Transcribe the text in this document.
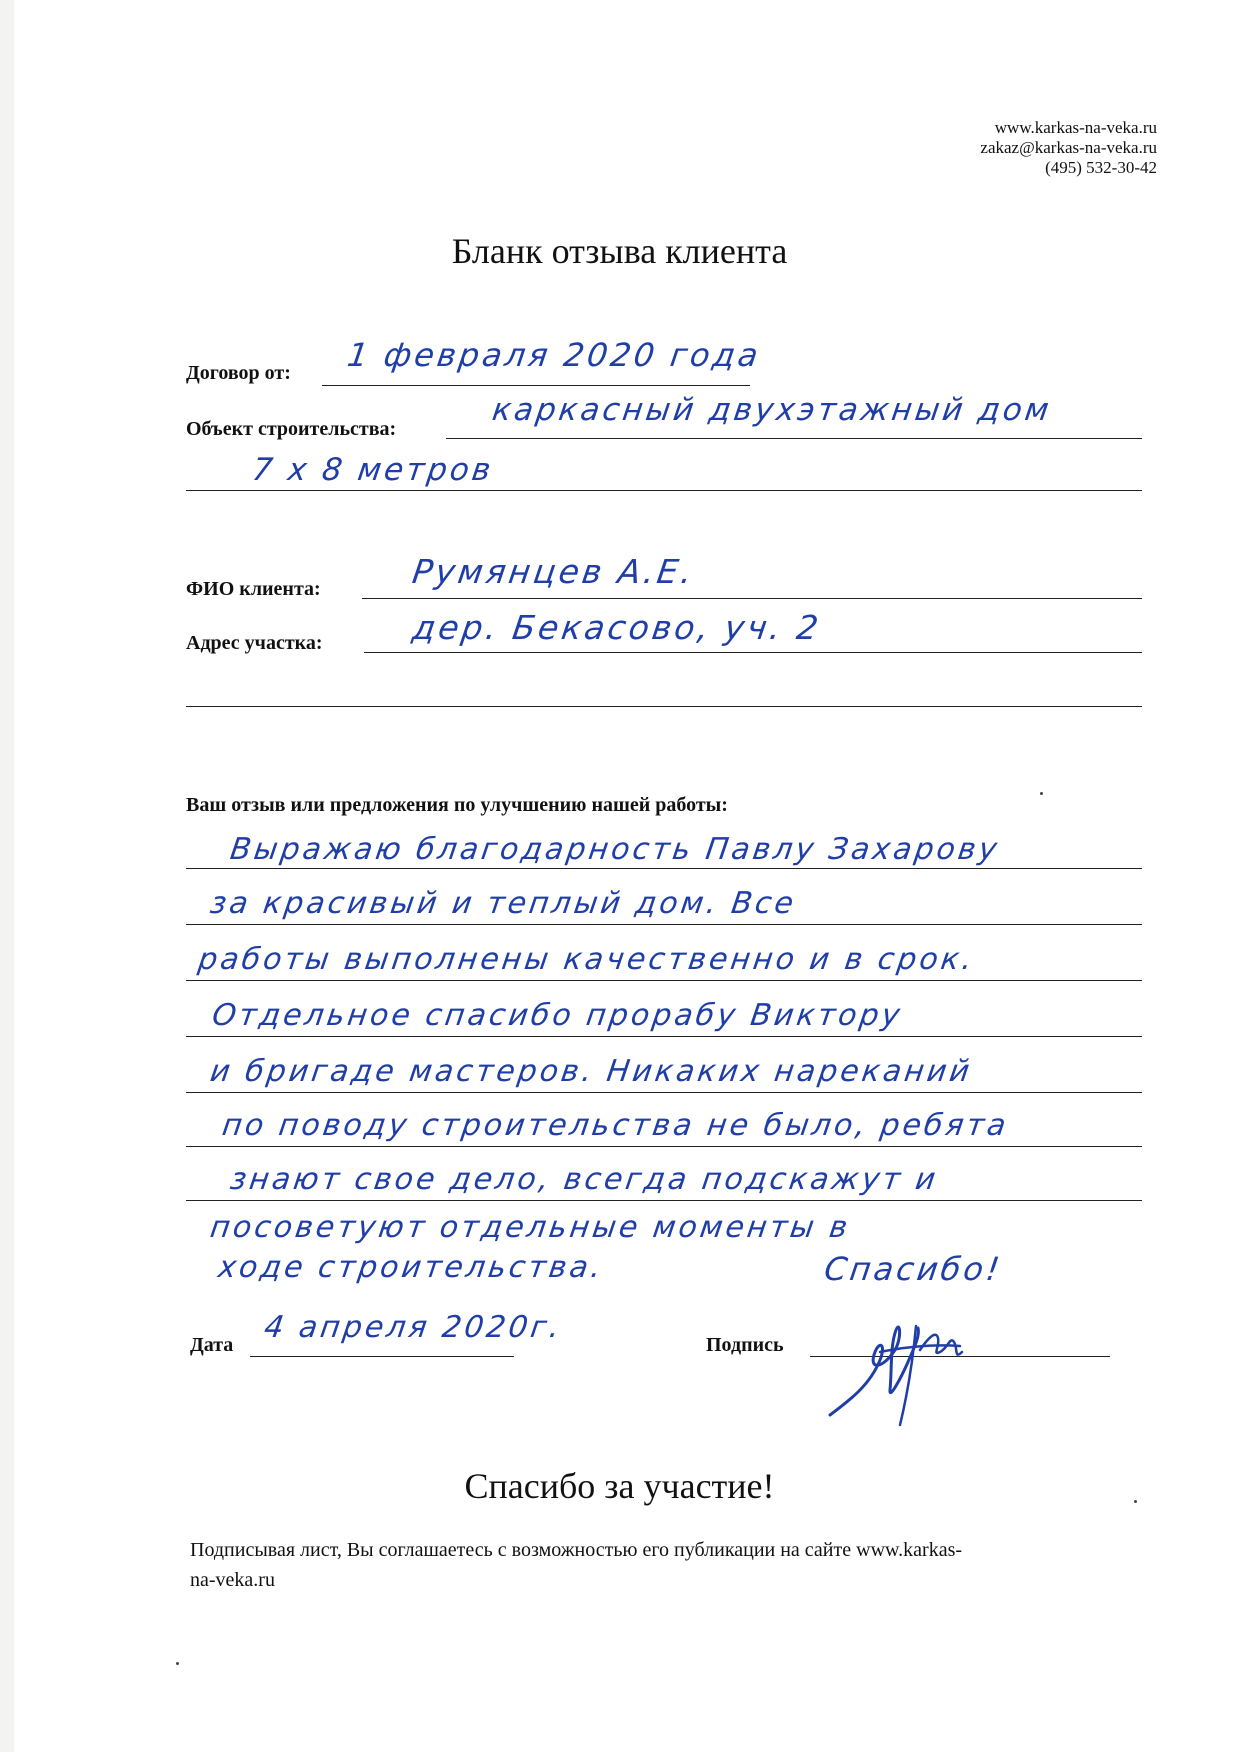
www.karkas-na-veka.ru
zakaz@karkas-na-veka.ru
(495) 532-30-42
Бланк отзыва клиента
Договор от: 1 февраля 2020 года
Объект строительства:
каркасный двухэтажный дом
7 х 8 метров
ФИО клиента:	Румянцев А.Е.
Адрес участка:	дер. Бекасово, уч. 2
Ваш отзыв или предложения по улучшению нашей работы:
Выражаю благодарность Павлу Захарову
за красивый и теплый дом. Все
работы выполнены качественно и в срок.
Отдельное спасибо прорабу Виктору
и бригаде мастеров. Никаких нареканий
по поводу строительства не было, ребята
знают свое дело, всегда подскажут и
посоветуют отдельные моменты в
ходе строительства.	Спасибо!
Дата 4 апреля 2020г.	Подпись
Спасибо за участие!
Подписывая лист, Вы соглашаетесь с возможностью его публикации на сайте www.karkas-
na-veka.ru
